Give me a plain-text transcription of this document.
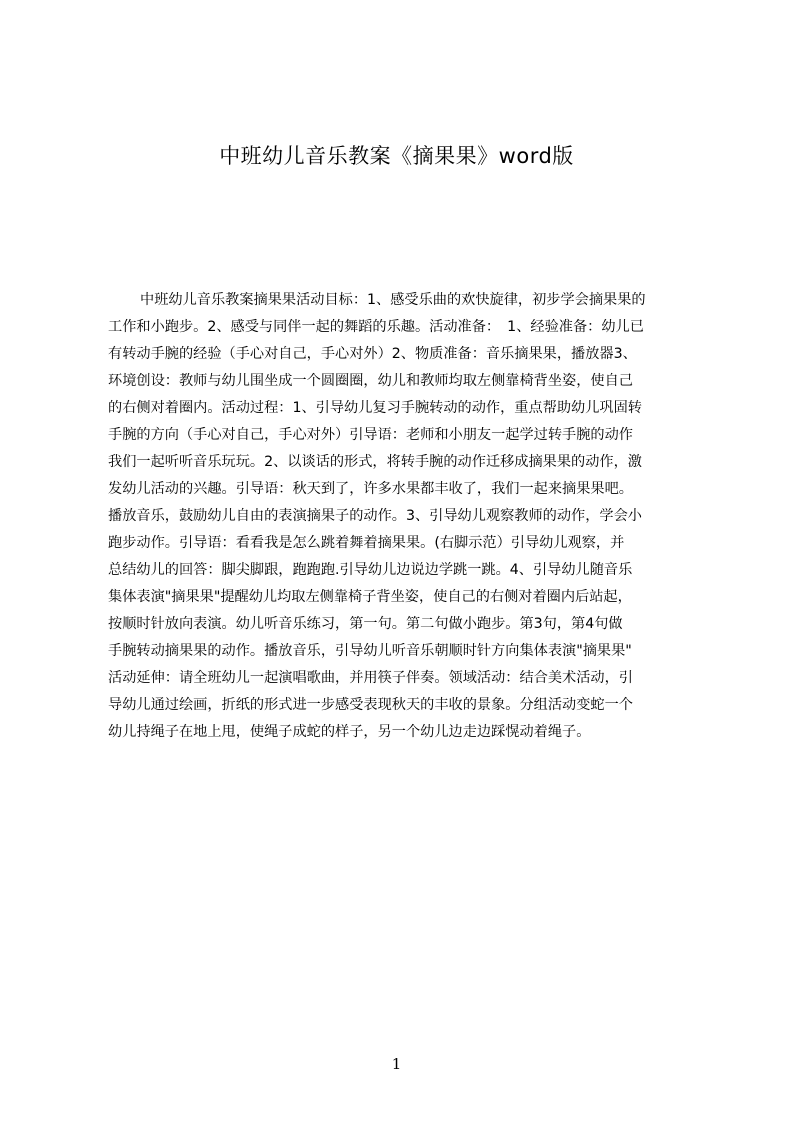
中班幼儿音乐教案《摘果果》word版
中班幼儿音乐教案摘果果活动目标：1、感受乐曲的欢快旋律，初步学会摘果果的
工作和小跑步。2、感受与同伴一起的舞蹈的乐趣。活动准备：　1、经验准备：幼儿已
有转动手腕的经验（手心对自己，手心对外）2、物质准备：音乐摘果果，播放器3、
环境创设：教师与幼儿围坐成一个圆圈圈，幼儿和教师均取左侧靠椅背坐姿，使自己
的右侧对着圈内。活动过程：1、引导幼儿复习手腕转动的动作，重点帮助幼儿巩固转
手腕的方向（手心对自己，手心对外）引导语：老师和小朋友一起学过转手腕的动作
我们一起听听音乐玩玩。2、以谈话的形式，将转手腕的动作迁移成摘果果的动作，激
发幼儿活动的兴趣。引导语：秋天到了，许多水果都丰收了，我们一起来摘果果吧。
播放音乐，鼓励幼儿自由的表演摘果子的动作。3、引导幼儿观察教师的动作，学会小
跑步动作。引导语：看看我是怎么跳着舞着摘果果。(右脚示范）引导幼儿观察，并
总结幼儿的回答：脚尖脚跟，跑跑跑.引导幼儿边说边学跳一跳。4、引导幼儿随音乐
集体表演"摘果果"提醒幼儿均取左侧靠椅子背坐姿，使自己的右侧对着圈内后站起，
按顺时针放向表演。幼儿听音乐练习，第一句。第二句做小跑步。第3句，第4句做
手腕转动摘果果的动作。播放音乐，引导幼儿听音乐朝顺时针方向集体表演"摘果果"
活动延伸：请全班幼儿一起演唱歌曲，并用筷子伴奏。领域活动：结合美术活动，引
导幼儿通过绘画，折纸的形式进一步感受表现秋天的丰收的景象。分组活动变蛇一个
幼儿持绳子在地上甩，使绳子成蛇的样子，另一个幼儿边走边踩愰动着绳子。
1
